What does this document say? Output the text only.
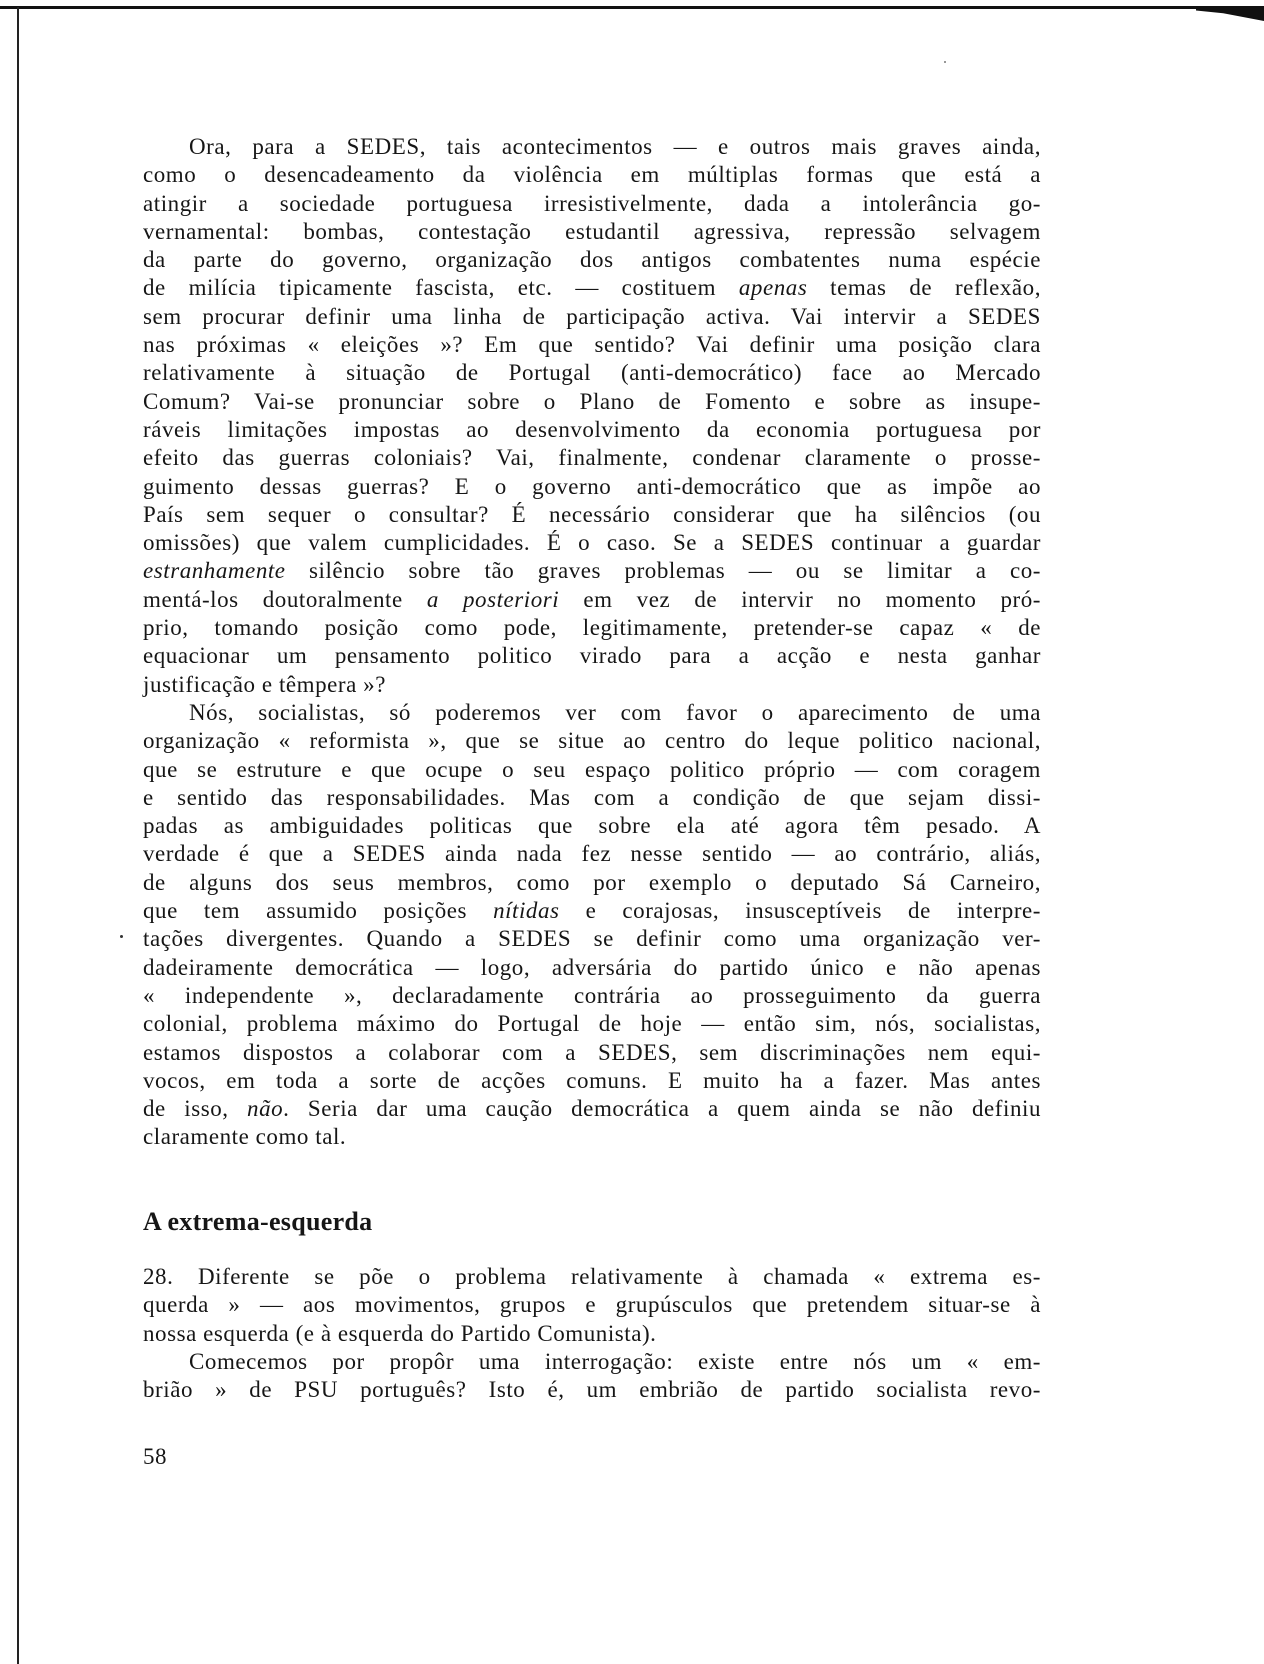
Ora, para a SEDES, tais acontecimentos — e outros mais graves ainda,
como o desencadeamento da violência em múltiplas formas que está a
atingir a sociedade portuguesa irresistivelmente, dada a intolerância go-
vernamental: bombas, contestação estudantil agressiva, repressão selvagem
da parte do governo, organização dos antigos combatentes numa espécie
de milícia tipicamente fascista, etc. — costituem apenas temas de reflexão,
sem procurar definir uma linha de participação activa. Vai intervir a SEDES
nas próximas « eleições »? Em que sentido? Vai definir uma posição clara
relativamente à situação de Portugal (anti-democrático) face ao Mercado
Comum? Vai-se pronunciar sobre o Plano de Fomento e sobre as insupe-
ráveis limitações impostas ao desenvolvimento da economia portuguesa por
efeito das guerras coloniais? Vai, finalmente, condenar claramente o prosse-
guimento dessas guerras? E o governo anti-democrático que as impõe ao
País sem sequer o consultar? É necessário considerar que ha silêncios (ou
omissões) que valem cumplicidades. É o caso. Se a SEDES continuar a guardar
estranhamente silêncio sobre tão graves problemas — ou se limitar a co-
mentá-los doutoralmente a posteriori em vez de intervir no momento pró-
prio, tomando posição como pode, legitimamente, pretender-se capaz « de
equacionar um pensamento politico virado para a acção e nesta ganhar
justificação e têmpera »?
Nós, socialistas, só poderemos ver com favor o aparecimento de uma
organização « reformista », que se situe ao centro do leque politico nacional,
que se estruture e que ocupe o seu espaço politico próprio — com coragem
e sentido das responsabilidades. Mas com a condição de que sejam dissi-
padas as ambiguidades politicas que sobre ela até agora têm pesado. A
verdade é que a SEDES ainda nada fez nesse sentido — ao contrário, aliás,
de alguns dos seus membros, como por exemplo o deputado Sá Carneiro,
que tem assumido posições nítidas e corajosas, insusceptíveis de interpre-
tações divergentes. Quando a SEDES se definir como uma organização ver-
dadeiramente democrática — logo, adversária do partido único e não apenas
« independente », declaradamente contrária ao prosseguimento da guerra
colonial, problema máximo do Portugal de hoje — então sim, nós, socialistas,
estamos dispostos a colaborar com a SEDES, sem discriminações nem equi-
vocos, em toda a sorte de acções comuns. E muito ha a fazer. Mas antes
de isso, não. Seria dar uma caução democrática a quem ainda se não definiu
claramente como tal.
A extrema-esquerda
28. Diferente se põe o problema relativamente à chamada « extrema es-
querda » — aos movimentos, grupos e grupúsculos que pretendem situar-se à
nossa esquerda (e à esquerda do Partido Comunista).
Comecemos por propôr uma interrogação: existe entre nós um « em-
brião » de PSU português? Isto é, um embrião de partido socialista revo-
58
